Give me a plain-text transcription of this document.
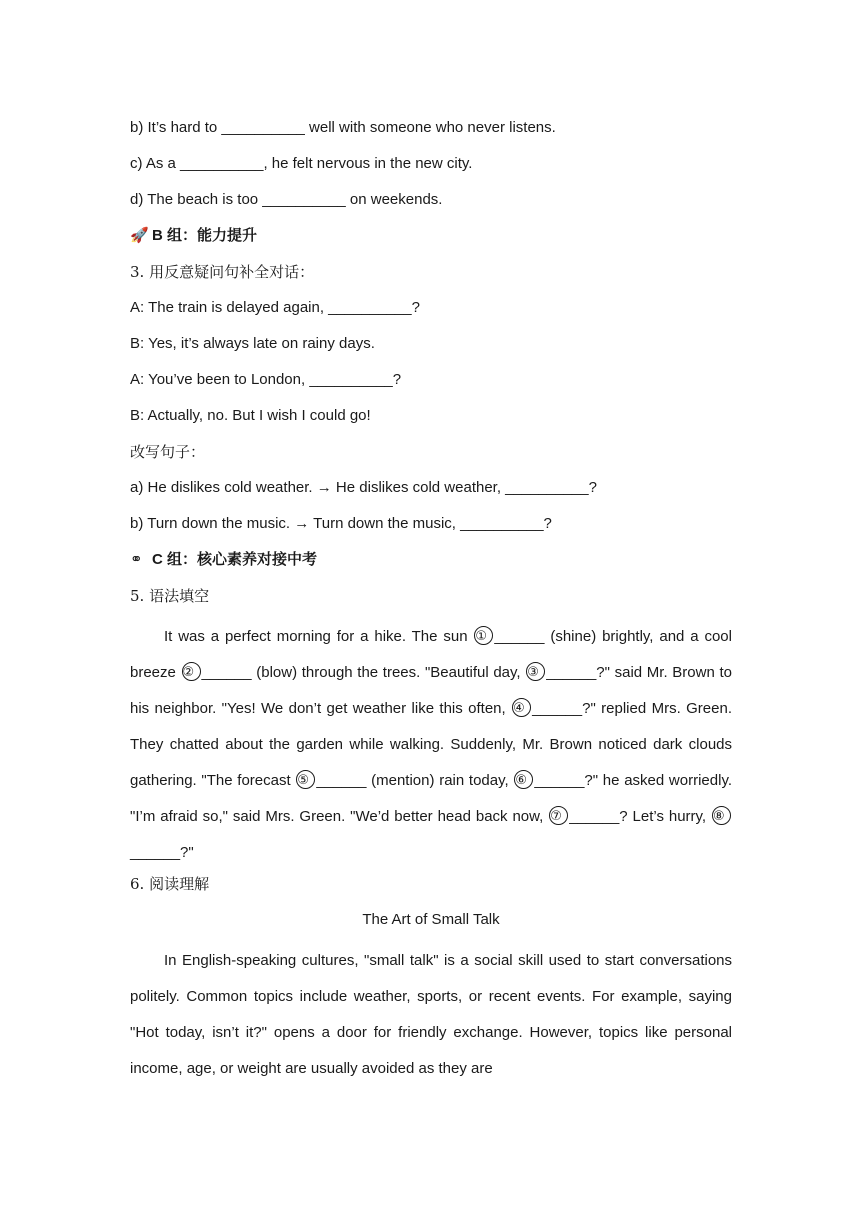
b) It’s hard to __________ well with someone who never listens.
c) As a __________, he felt nervous in the new city.
d) The beach is too __________ on weekends.
🚀 B 组：能力提升
3. 用反意疑问句补全对话：
A: The train is delayed again, __________?
B: Yes, it’s always late on rainy days.
A: You’ve been to London, __________?
B: Actually, no. But I wish I could go!
改写句子：
a) He dislikes cold weather. → He dislikes cold weather, __________?
b) Turn down the music. → Turn down the music, __________?
⚭ C 组：核心素养对接中考
5. 语法填空
It was a perfect morning for a hike. The sun ① ______ (shine) brightly, and a cool breeze ② ______ (blow) through the trees. "Beautiful day, ③ ______?" said Mr. Brown to his neighbor. "Yes! We don’t get weather like this often, ④ ______?" replied Mrs. Green. They chatted about the garden while walking. Suddenly, Mr. Brown noticed dark clouds gathering. "The forecast ⑤ ______ (mention) rain today, ⑥ ______?" he asked worriedly. "I’m afraid so," said Mrs. Green. "We’d better head back now, ⑦ ______? Let’s hurry, ⑧______?"
6. 阅读理解
The Art of Small Talk
In English-speaking cultures, "small talk" is a social skill used to start conversations politely. Common topics include weather, sports, or recent events. For example, saying "Hot today, isn’t it?" opens a door for friendly exchange. However, topics like personal income, age, or weight are usually avoided as they are
